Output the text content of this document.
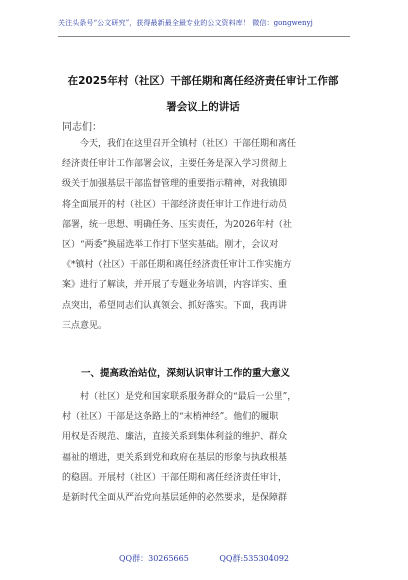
关注头条号“公文研究”，获得最新最全最专业的公文资料库！ 微信：gongwenyj
在2025年村（社区）干部任期和离任经济责任审计工作部
署会议上的讲话
同志们：
　　今天，我们在这里召开全镇村（社区）干部任期和离任
经济责任审计工作部署会议，主要任务是深入学习贯彻上
级关于加强基层干部监督管理的重要指示精神，对我镇即
将全面展开的村（社区）干部经济责任审计工作进行动员
部署，统一思想、明确任务、压实责任，为2026年村（社
区）“两委”换届选举工作打下坚实基础。刚才，会议对
《*镇村（社区）干部任期和离任经济责任审计工作实施方
案》进行了解读，并开展了专题业务培训，内容详实、重
点突出，希望同志们认真领会、抓好落实。下面，我再讲
三点意见。
　　一、提高政治站位，深刻认识审计工作的重大意义
　　村（社区）是党和国家联系服务群众的“最后一公里”，
村（社区）干部是这条路上的“末梢神经”。他们的履职
用权是否规范、廉洁，直接关系到集体利益的维护、群众
福祉的增进，更关系到党和政府在基层的形象与执政根基
的稳固。开展村（社区）干部任期和离任经济责任审计，
是新时代全面从严治党向基层延伸的必然要求，是保障群
QQ群：30265665	QQ群:535304092
